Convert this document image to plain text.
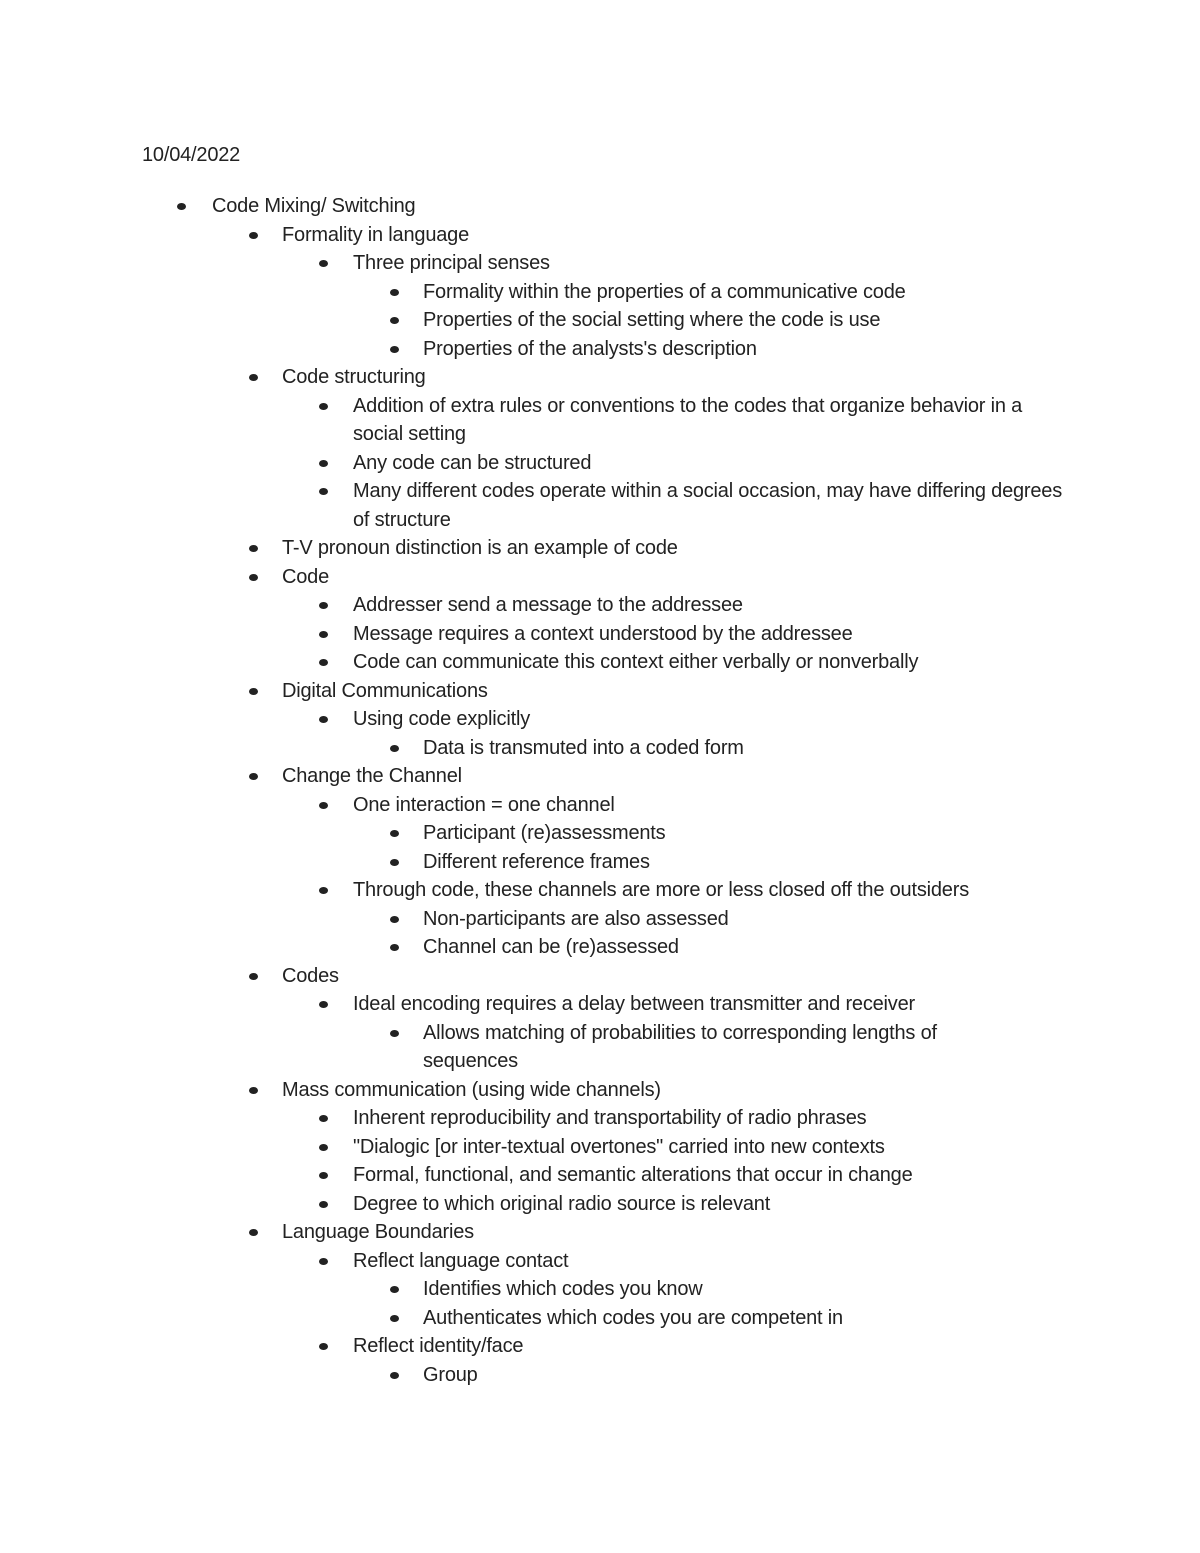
10/04/2022
Code Mixing/ Switching
Formality in language
Three principal senses
Formality within the properties of a communicative code
Properties of the social setting where the code is use
Properties of the analysts's description
Code structuring
Addition of extra rules or conventions to the codes that organize behavior in a social setting
Any code can be structured
Many different codes operate within a social occasion, may have differing degrees of structure
T-V pronoun distinction is an example of code
Code
Addresser send a message to the addressee
Message requires a context understood by the addressee
Code can communicate this context either verbally or nonverbally
Digital Communications
Using code explicitly
Data is transmuted into a coded form
Change the Channel
One interaction = one channel
Participant (re)assessments
Different reference frames
Through code, these channels are more or less closed off the outsiders
Non-participants are also assessed
Channel can be (re)assessed
Codes
Ideal encoding requires a delay between transmitter and receiver
Allows matching of probabilities to corresponding lengths of sequences
Mass communication (using wide channels)
Inherent reproducibility and transportability of radio phrases
"Dialogic [or inter-textual overtones" carried into new contexts
Formal, functional, and semantic alterations that occur in change
Degree to which original radio source is relevant
Language Boundaries
Reflect language contact
Identifies which codes you know
Authenticates which codes you are competent in
Reflect identity/face
Group
